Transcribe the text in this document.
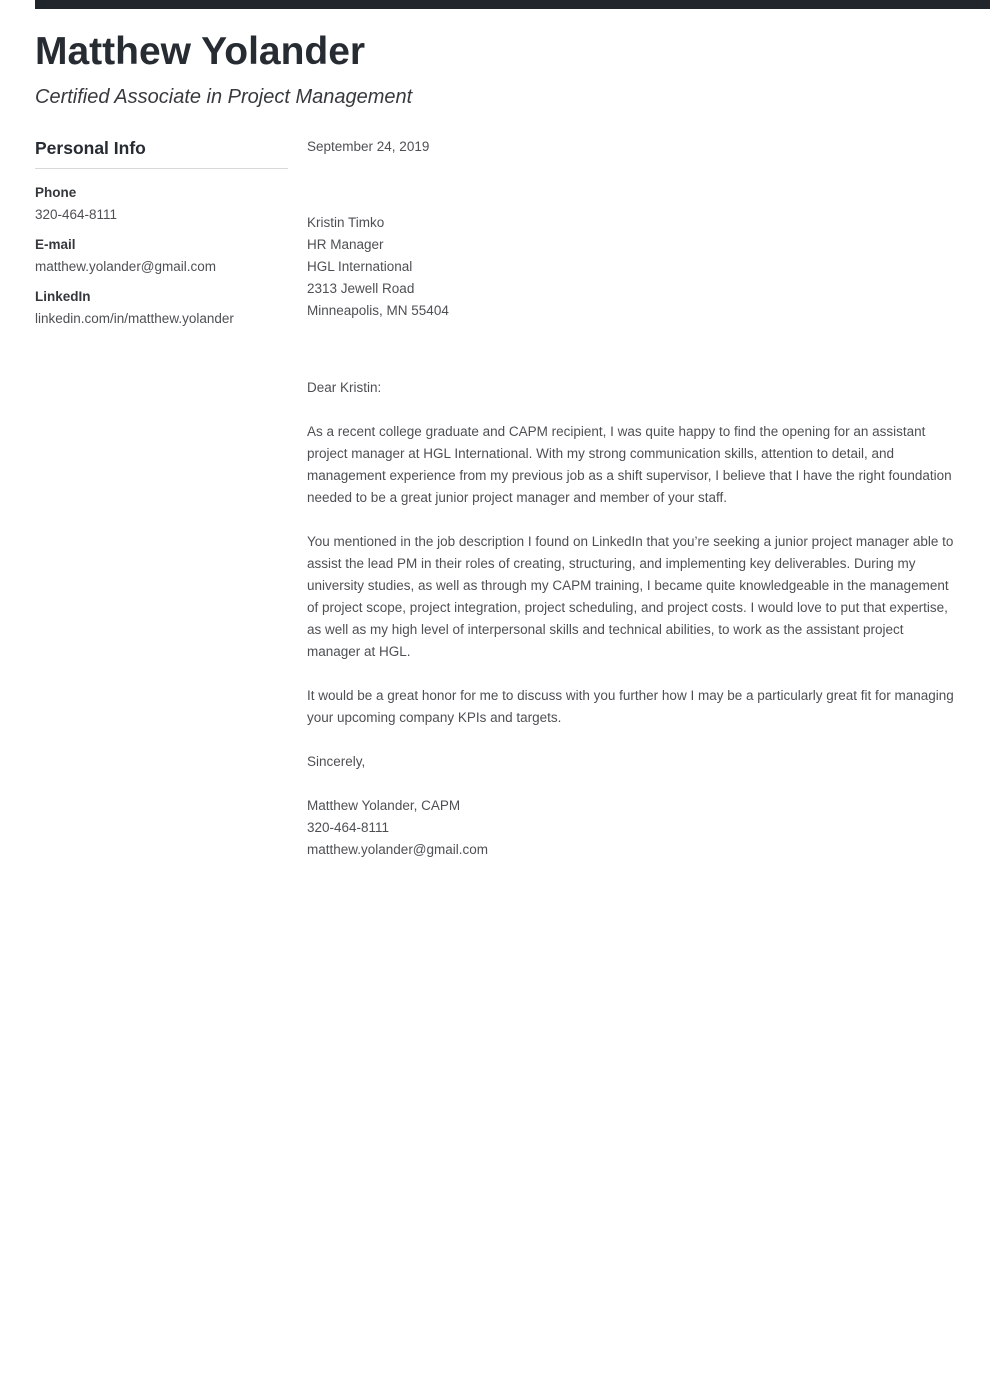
Matthew Yolander
Certified Associate in Project Management
Personal Info
Phone
320-464-8111
E-mail
matthew.yolander@gmail.com
LinkedIn
linkedin.com/in/matthew.yolander
September 24, 2019
Kristin Timko
HR Manager
HGL International
2313 Jewell Road
Minneapolis, MN 55404

Dear Kristin:

As a recent college graduate and CAPM recipient, I was quite happy to find the opening for an assistant project manager at HGL International. With my strong communication skills, attention to detail, and management experience from my previous job as a shift supervisor, I believe that I have the right foundation needed to be a great junior project manager and member of your staff.

You mentioned in the job description I found on LinkedIn that you’re seeking a junior project manager able to assist the lead PM in their roles of creating, structuring, and implementing key deliverables. During my university studies, as well as through my CAPM training, I became quite knowledgeable in the management of project scope, project integration, project scheduling, and project costs. I would love to put that expertise, as well as my high level of interpersonal skills and technical abilities, to work as the assistant project manager at HGL.

It would be a great honor for me to discuss with you further how I may be a particularly great fit for managing your upcoming company KPIs and targets.

Sincerely,

Matthew Yolander, CAPM
320-464-8111
matthew.yolander@gmail.com
